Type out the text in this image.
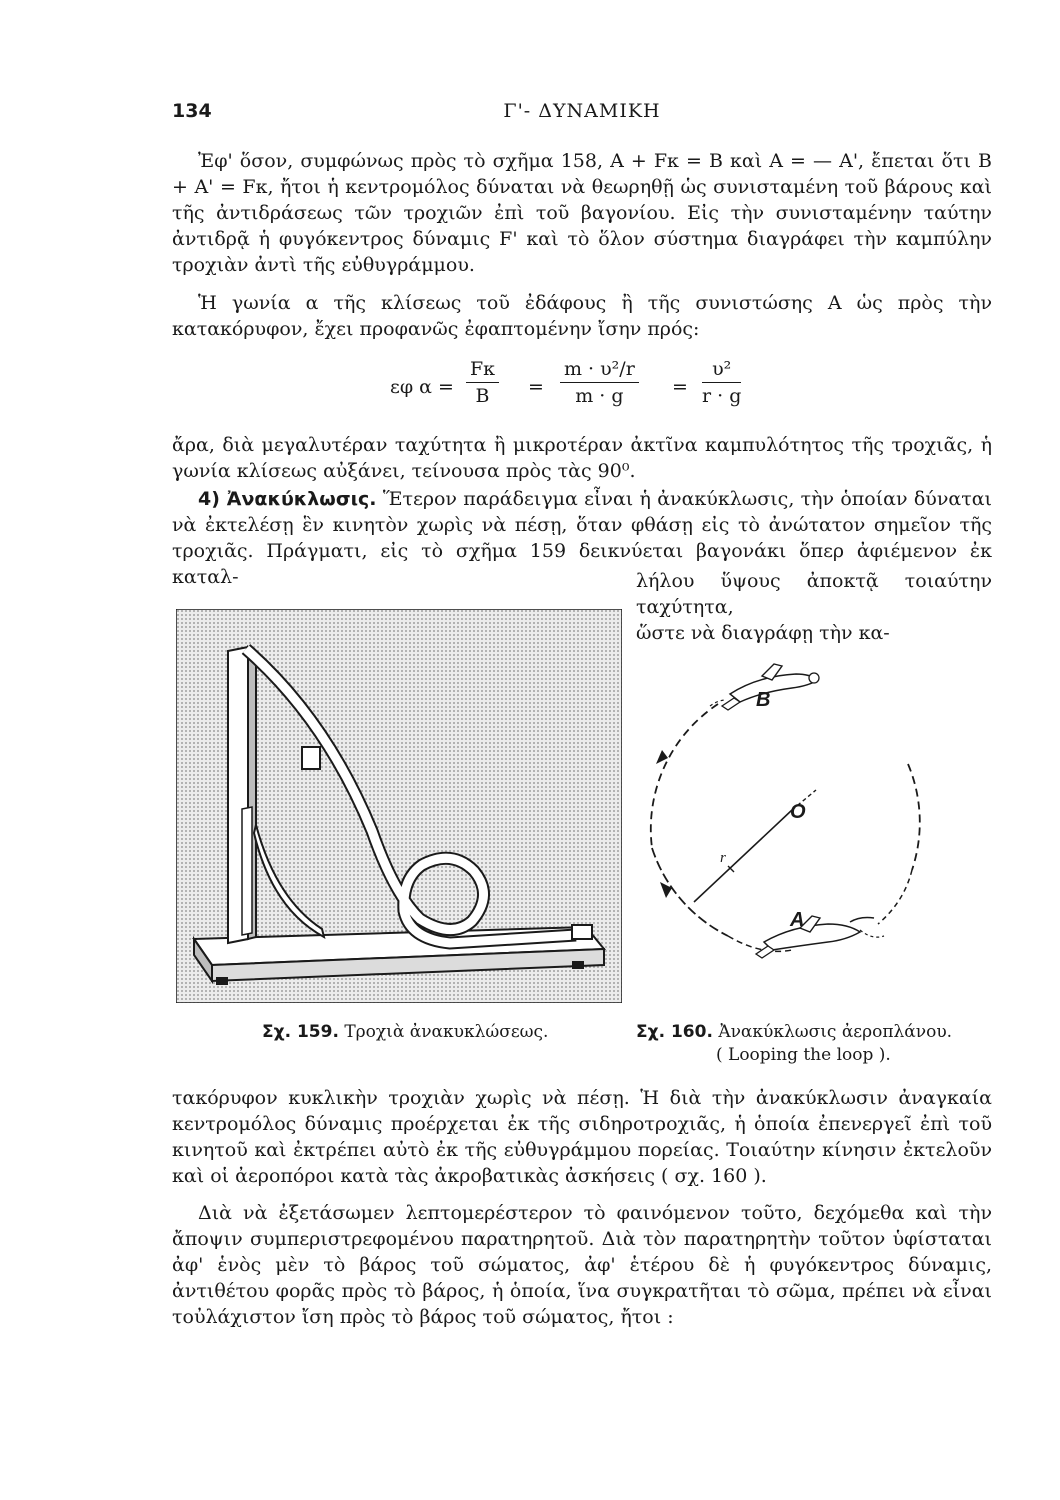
134	Γ'- ΔΥΝΑΜΙΚΗ

Ἐφ' ὅσον, συμφώνως πρὸς τὸ σχῆμα 158, A + Fκ = B καὶ A = — A', ἔπεται ὅτι B + A' = Fκ, ἤτοι ἡ κεντρομόλος δύναται νὰ θεωρηθῇ ὡς συνισταμένη τοῦ βάρους καὶ τῆς ἀντιδράσεως τῶν τροχιῶν ἐπὶ τοῦ βαγονίου. Εἰς τὴν συνισταμένην ταύτην ἀντιδρᾷ ἡ φυγόκεντρος δύναμις F' καὶ τὸ ὅλον σύστημα διαγράφει τὴν καμπύλην τροχιὰν ἀντὶ τῆς εὐθυγράμμου.

Ἡ γωνία α τῆς κλίσεως τοῦ ἐδάφους ἢ τῆς συνιστώσης A ὡς πρὸς τὴν κατακόρυφον, ἔχει προφανῶς ἐφαπτομένην ἴσην πρός:

εφ $\alpha = \frac{F\kappa}{B} = \frac{\text{m · υ²/r}}{m \cdot g} = \frac{\text{υ²}}{r \cdot g}$

ἄρα, διὰ μεγαλυτέραν ταχύτητα ἢ μικροτέραν ἀκτῖνα καμπυλότητος τῆς τροχιᾶς, ἡ γωνία κλίσεως αὐξάνει, τείνουσα πρὸς τὰς 90⁰.

4) Ἀνακύκλωσις. Ἕτερον παράδειγμα εἶναι ἡ ἀνακύκλωσις, τὴν ὁποίαν δύναται νὰ ἐκτελέσῃ ἓν κινητὸν χωρὶς νὰ πέσῃ, ὅταν φθάσῃ εἰς τὸ ἀνώτατον σημεῖον τῆς τροχιᾶς. Πράγματι, εἰς τὸ σχῆμα 159 δεικνύεται βαγονάκι ὅπερ ἀφιέμενον ἐκ καταλ-	λήλου ὕψους ἀποκτᾷ τοιαύτην ταχύτητα,
ὥστε νὰ διαγράφῃ τὴν κα-
B
A
O
r
Σχ. 159. Τροχιὰ ἀνακυκλώσεως.	Σχ. 160. Ἀνακύκλωσις ἀεροπλάνου.
( Looping the loop ).

τακόρυφον κυκλικὴν τροχιὰν χωρὶς νὰ πέσῃ. Ἡ διὰ τὴν ἀνακύκλωσιν ἀναγκαία κεντρομόλος δύναμις προέρχεται ἐκ τῆς σιδηροτροχιᾶς, ἡ ὁποία ἐπενεργεῖ ἐπὶ τοῦ κινητοῦ καὶ ἐκτρέπει αὐτὸ ἐκ τῆς εὐθυγράμμου πορείας. Τοιαύτην κίνησιν ἐκτελοῦν καὶ οἱ ἀεροπόροι κατὰ τὰς ἀκροβατικὰς ἀσκήσεις ( σχ. 160 ).

Διὰ νὰ ἐξετάσωμεν λεπτομερέστερον τὸ φαινόμενον τοῦτο, δεχόμεθα καὶ τὴν ἄποψιν συμπεριστρεφομένου παρατηρητοῦ. Διὰ τὸν παρατηρητὴν τοῦτον ὑφίσταται ἀφ' ἑνὸς μὲν τὸ βάρος τοῦ σώματος, ἀφ' ἑτέρου δὲ ἡ φυγόκεντρος δύναμις, ἀντιθέτου φορᾶς πρὸς τὸ βάρος, ἡ ὁποία, ἵνα συγκρατῆται τὸ σῶμα, πρέπει νὰ εἶναι τοὐλάχιστον ἴση πρὸς τὸ βάρος τοῦ σώματος, ἤτοι :
